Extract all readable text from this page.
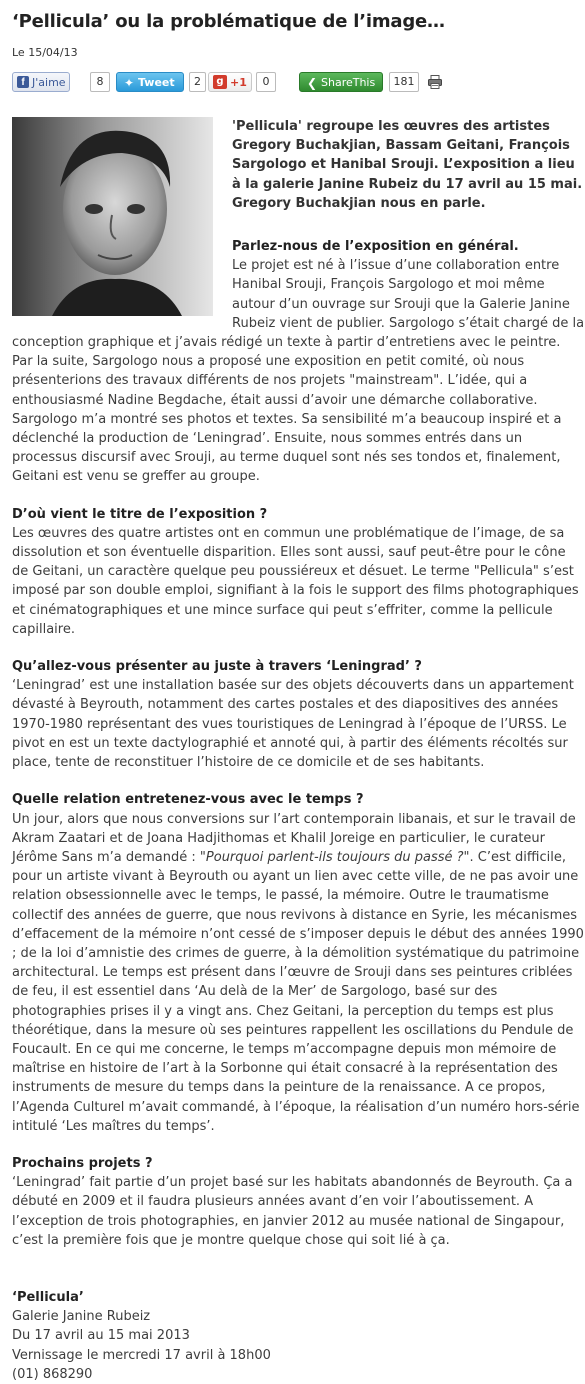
‘Pellicula’ ou la problématique de l’image…
Le 15/04/13
f J'aime	8	✦ Tweet	2	g +1	0	❮ ShareThis	181

'Pellicula' regroupe les œuvres des artistes Gregory Buchakjian, Bassam Geitani, François Sargologo et Hanibal Srouji. L’exposition a lieu à la galerie Janine Rubeiz du 17 avril au 15 mai. Gregory Buchakjian nous en parle.

Parlez-nous de l’exposition en général.

Le projet est né à l’issue d’une collaboration entre Hanibal Srouji, François Sargologo et moi même autour d’un ouvrage sur Srouji que la Galerie Janine Rubeiz vient de publier. Sargologo s’était chargé de la conception graphique et j’avais rédigé un texte à partir d’entretiens avec le peintre. Par la suite, Sargologo nous a proposé une exposition en petit comité, où nous présenterions des travaux différents de nos projets "mainstream". L’idée, qui a enthousiasmé Nadine Begdache, était aussi d’avoir une démarche collaborative. Sargologo m’a montré ses photos et textes. Sa sensibilité m’a beaucoup inspiré et a déclenché la production de ‘Leningrad’. Ensuite, nous sommes entrés dans un processus discursif avec Srouji, au terme duquel sont nés ses tondos et, finalement, Geitani est venu se greffer au groupe.

D’où vient le titre de l’exposition ?

Les œuvres des quatre artistes ont en commun une problématique de l’image, de sa dissolution et son éventuelle disparition. Elles sont aussi, sauf peut-être pour le cône de Geitani, un caractère quelque peu poussiéreux et désuet. Le terme "Pellicula" s’est imposé par son double emploi, signifiant à la fois le support des films photographiques et cinématographiques et une mince surface qui peut s’effriter, comme la pellicule capillaire.

Qu’allez-vous présenter au juste à travers ‘Leningrad’ ?

‘Leningrad’ est une installation basée sur des objets découverts dans un appartement dévasté à Beyrouth, notamment des cartes postales et des diapositives des années 1970-1980 représentant des vues touristiques de Leningrad à l’époque de l’URSS. Le pivot en est un texte dactylographié et annoté qui, à partir des éléments récoltés sur place, tente de reconstituer l’histoire de ce domicile et de ses habitants.

Quelle relation entretenez-vous avec le temps ?

Un jour, alors que nous conversions sur l’art contemporain libanais, et sur le travail de Akram Zaatari et de Joana Hadjithomas et Khalil Joreige en particulier, le curateur Jérôme Sans m’a demandé : "Pourquoi parlent-ils toujours du passé ?". C’est difficile, pour un artiste vivant à Beyrouth ou ayant un lien avec cette ville, de ne pas avoir une relation obsessionnelle avec le temps, le passé, la mémoire. Outre le traumatisme collectif des années de guerre, que nous revivons à distance en Syrie, les mécanismes d’effacement de la mémoire n’ont cessé de s’imposer depuis le début des années 1990 ; de la loi d’amnistie des crimes de guerre, à la démolition systématique du patrimoine architectural. Le temps est présent dans l’œuvre de Srouji dans ses peintures criblées de feu, il est essentiel dans ‘Au delà de la Mer’ de Sargologo, basé sur des photographies prises il y a vingt ans. Chez Geitani, la perception du temps est plus théorétique, dans la mesure où ses peintures rappellent les oscillations du Pendule de Foucault. En ce qui me concerne, le temps m’accompagne depuis mon mémoire de maîtrise en histoire de l’art à la Sorbonne qui était consacré à la représentation des instruments de mesure du temps dans la peinture de la renaissance. A ce propos, l’Agenda Culturel m’avait commandé, à l’époque, la réalisation d’un numéro hors-série intitulé ‘Les maîtres du temps’.

Prochains projets ?

‘Leningrad’ fait partie d’un projet basé sur les habitats abandonnés de Beyrouth. Ça a débuté en 2009 et il faudra plusieurs années avant d’en voir l’aboutissement. A l’exception de trois photographies, en janvier 2012 au musée national de Singapour, c’est la première fois que je montre quelque chose qui soit lié à ça.

‘Pellicula’

Galerie Janine Rubeiz

Du 17 avril au 15 mai 2013

Vernissage le mercredi 17 avril à 18h00

(01) 868290
